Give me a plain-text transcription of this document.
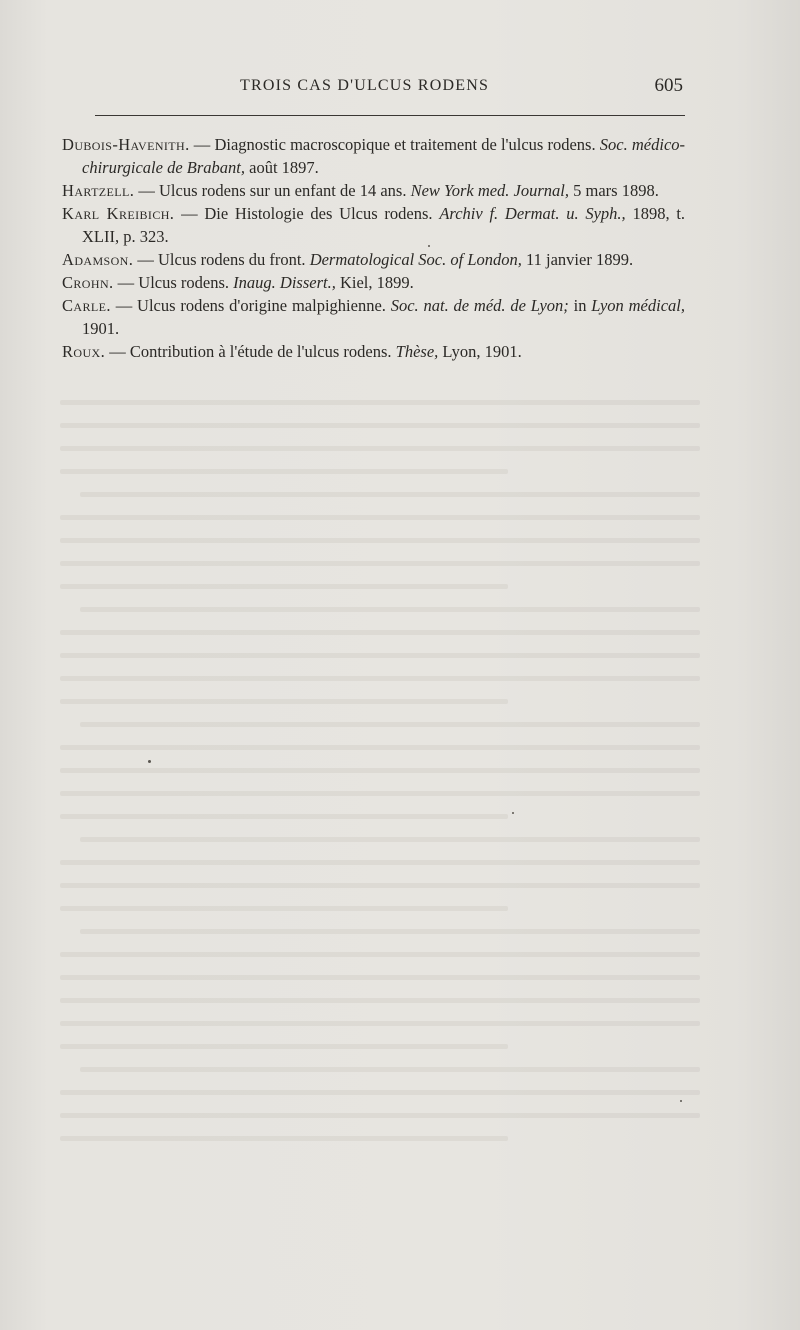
TROIS CAS D'ULCUS RODENS	605

Dubois-Haveniтh. — Diagnostic macroscopique et traitement de l'ulcus rodens. Soc. médico-chirurgicale de Brabant, août 1897.

Hartzell. — Ulcus rodens sur un enfant de 14 ans. New York med. Journal, 5 mars 1898.

Karl Kreibich. — Die Histologie des Ulcus rodens. Archiv f. Dermat. u. Syph., 1898, t. XLII, p. 323.

Adamson. — Ulcus rodens du front. Dermatological Soc. of London, 11 janvier 1899.

Crohn. — Ulcus rodens. Inaug. Dissert., Kiel, 1899.

Carle. — Ulcus rodens d'origine malpighienne. Soc. nat. de méd. de Lyon; in Lyon médical, 1901.

Roux. — Contribution à l'étude de l'ulcus rodens. Thèse, Lyon, 1901.
